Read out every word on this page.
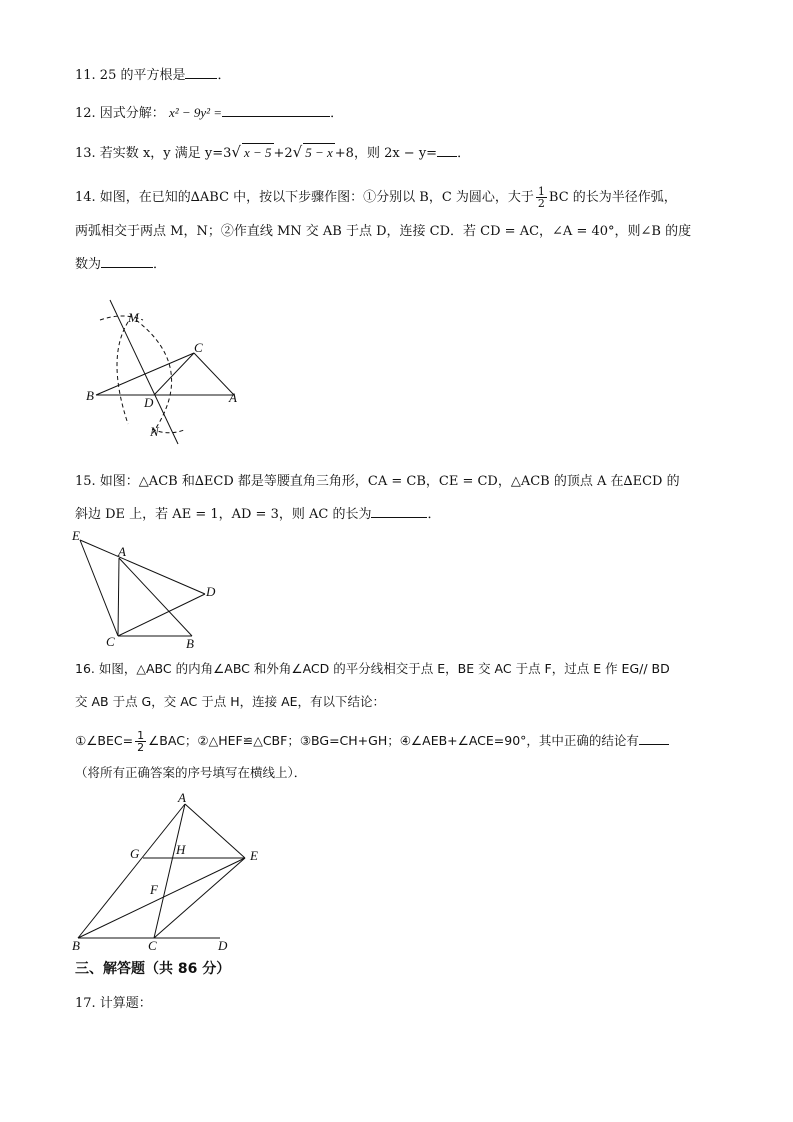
11. 25 的平方根是 ．
12. 因式分解： x² − 9y² =	．
13. 若实数 x，y 满足 y=3√ x − 5 +2√ 5 − x +8，则 2x − y= ．
14. 如图，在已知的∆ABC 中，按以下步骤作图：①分别以 B，C 为圆心，大于 $\frac{1}{2}$ BC 的长为半径作弧，
两弧相交于两点 M，N；②作直线 MN 交 AB 于点 D，连接 CD．若 CD = AC，∠A = 40°，则∠B 的度
数为	．
M
C
B	D	A
N
15. 如图：△ACB 和∆ECD 都是等腰直角三角形，CA = CB，CE = CD，△ACB 的顶点 A 在∆ECD 的
斜边 DE 上，若 AE = 1，AD = 3，则 AC 的长为	．
E
A
D
C	B
16. 如图，△ABC 的内角∠ABC 和外角∠ACD 的平分线相交于点 E，BE 交 AC 于点 F，过点 E 作 EG// BD
交 AB 于点 G，交 AC 于点 H，连接 AE，有以下结论：
①∠BEC= $\frac{1}{2}$ ∠BAC；②△HEF≌△CBF；③BG=CH+GH；④∠AEB+∠ACE=90°，其中正确的结论有
（将所有正确答案的序号填写在横线上）．
A
G	H	E
F
B	C	D
三、解答题（共 86 分）
17. 计算题：
